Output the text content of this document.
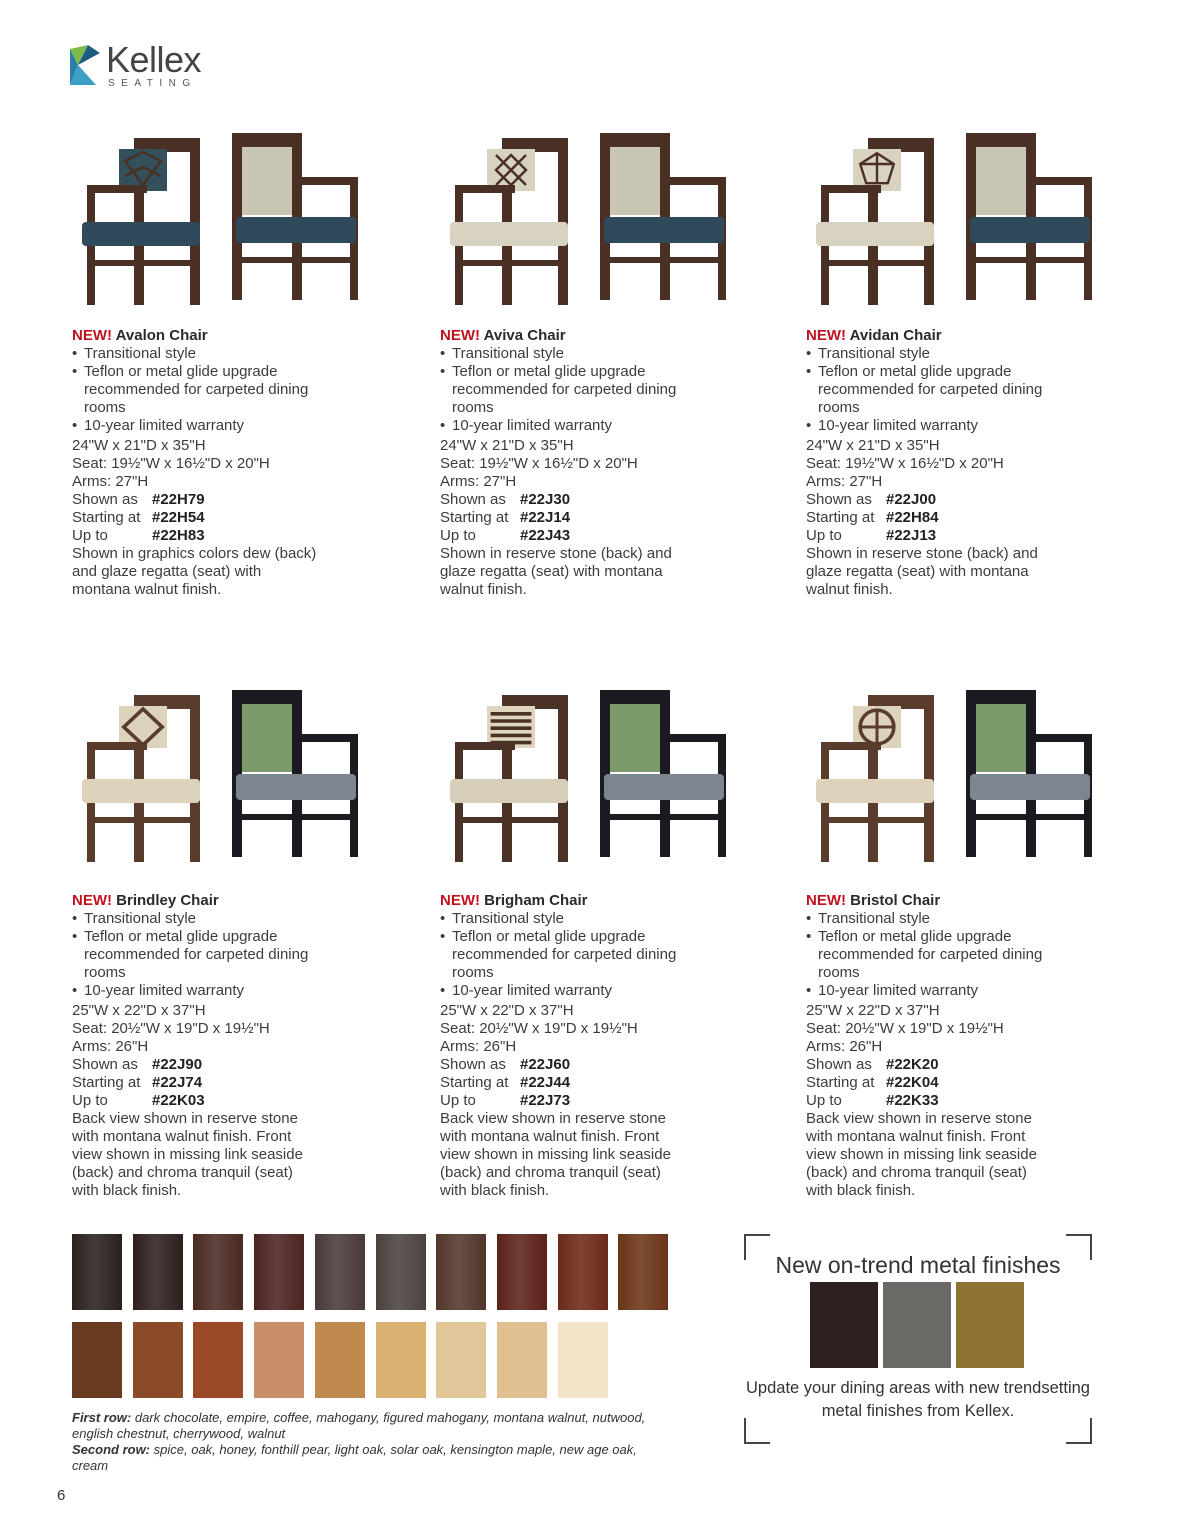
Kellex
SEATING
NEW! Avalon Chair
• Transitional style
• Teflon or metal glide upgrade recommended for carpeted dining rooms
• 10-year limited warranty
24"W x 21"D x 35"H
Seat: 19½"W x 16½"D x 20"H
Arms: 27"H
Shown as #22H79
Starting at #22H54
Up to	#22H83
Shown in graphics colors dew (back) and glaze regatta (seat) with montana walnut finish.
NEW! Aviva Chair
• Transitional style
• Teflon or metal glide upgrade recommended for carpeted dining rooms
• 10-year limited warranty
24"W x 21"D x 35"H
Seat: 19½"W x 16½"D x 20"H
Arms: 27"H
Shown as #22J30
Starting at #22J14
Up to	#22J43
Shown in reserve stone (back) and glaze regatta (seat) with montana walnut finish.
NEW! Avidan Chair
• Transitional style
• Teflon or metal glide upgrade recommended for carpeted dining rooms
• 10-year limited warranty
24"W x 21"D x 35"H
Seat: 19½"W x 16½"D x 20"H
Arms: 27"H
Shown as #22J00
Starting at #22H84
Up to	#22J13
Shown in reserve stone (back) and glaze regatta (seat) with montana walnut finish.
NEW! Brindley Chair
• Transitional style
• Teflon or metal glide upgrade recommended for carpeted dining rooms
• 10-year limited warranty
25"W x 22"D x 37"H
Seat: 20½"W x 19"D x 19½"H
Arms: 26"H
Shown as #22J90
Starting at #22J74
Up to	#22K03
Back view shown in reserve stone with montana walnut finish. Front view shown in missing link seaside (back) and chroma tranquil (seat) with black finish.
NEW! Brigham Chair
• Transitional style
• Teflon or metal glide upgrade recommended for carpeted dining rooms
• 10-year limited warranty
25"W x 22"D x 37"H
Seat: 20½"W x 19"D x 19½"H
Arms: 26"H
Shown as #22J60
Starting at #22J44
Up to	#22J73
Back view shown in reserve stone with montana walnut finish. Front view shown in missing link seaside (back) and chroma tranquil (seat) with black finish.
NEW! Bristol Chair
• Transitional style
• Teflon or metal glide upgrade recommended for carpeted dining rooms
• 10-year limited warranty
25"W x 22"D x 37"H
Seat: 20½"W x 19"D x 19½"H
Arms: 26"H
Shown as #22K20
Starting at #22K04
Up to	#22K33
Back view shown in reserve stone with montana walnut finish. Front view shown in missing link seaside (back) and chroma tranquil (seat) with black finish.
First row: dark chocolate, empire, coffee, mahogany, figured mahogany, montana walnut, nutwood, english chestnut, cherrywood, walnut
Second row: spice, oak, honey, fonthill pear, light oak, solar oak, kensington maple, new age oak, cream
New on-trend metal finishes
Update your dining areas with new trendsetting metal finishes from Kellex.
6
